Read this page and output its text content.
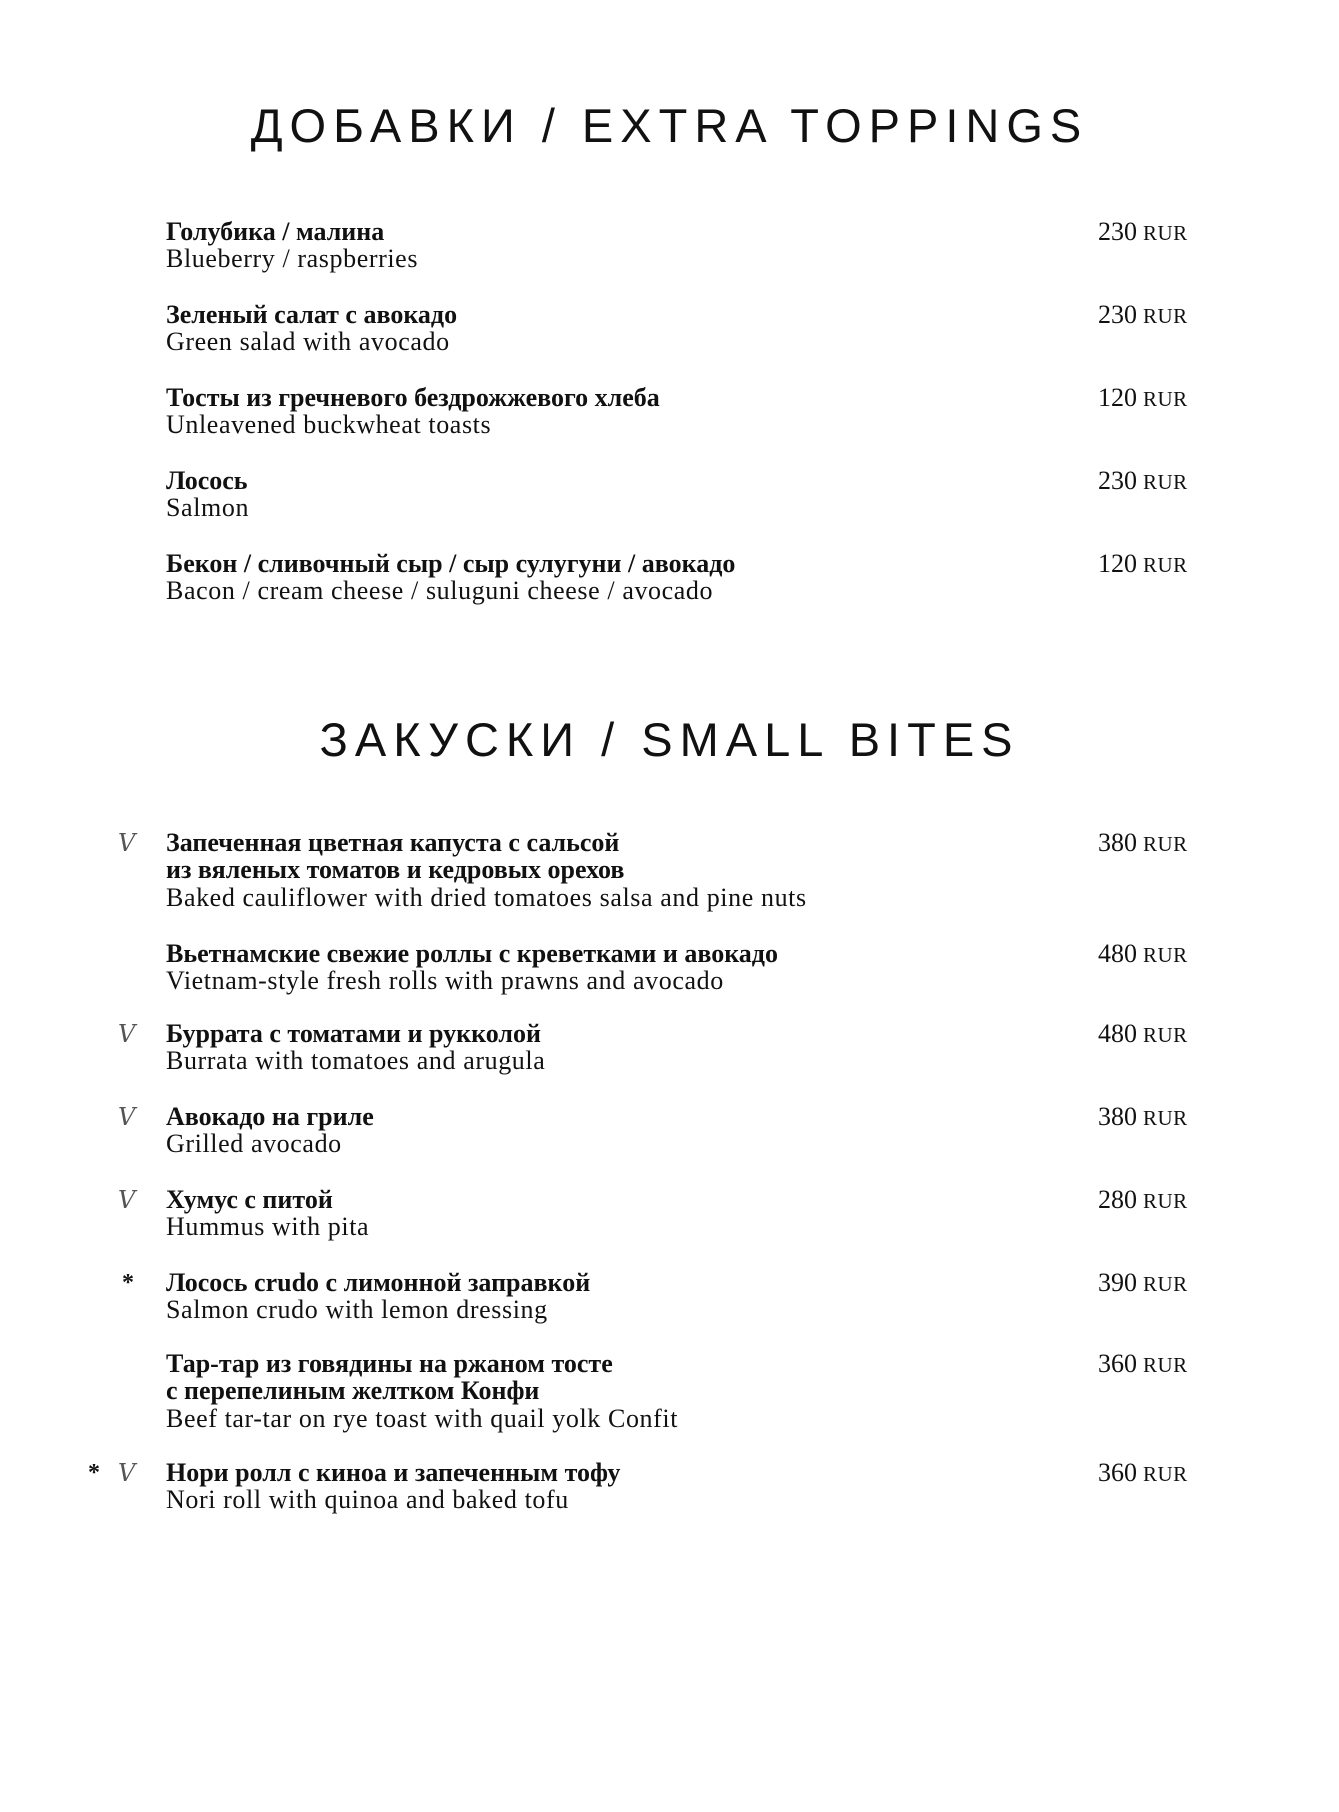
ДОБАВКИ / EXTRA TOPPINGS

Голубика / малина

Blueberry / raspberries

230 RUR

Зеленый салат с авокадо

Green salad with avocado

230 RUR

Тосты из гречневого бездрожжевого хлеба

Unleavened buckwheat toasts

120 RUR

Лосось

Salmon

230 RUR

Бекон / сливочный сыр / сыр сулугуни / авокадо

Bacon / cream cheese / suluguni cheese / avocado

120 RUR
ЗАКУСКИ / SMALL BITES
V Запеченная цветная капуста с сальсой

из вяленых томатов и кедровых орехов

Baked cauliflower with dried tomatoes salsa and pine nuts

380 RUR

Вьетнамские свежие роллы с креветками и авокадо

Vietnam-style fresh rolls with prawns and avocado

480 RUR
V Буррата с томатами и рукколой

Burrata with tomatoes and arugula

480 RUR
V Авокадо на гриле

Grilled avocado

380 RUR
V Хумус с питой

Hummus with pita

280 RUR
* Лосось crudo с лимонной заправкой

Salmon crudo with lemon dressing

390 RUR

Тар-тар из говядины на ржаном тосте

с перепелиным желтком Конфи

Beef tar-tar on rye toast with quail yolk Confit

360 RUR
* V Нори ролл с киноа и запеченным тофу

Nori roll with quinoa and baked tofu

360 RUR
